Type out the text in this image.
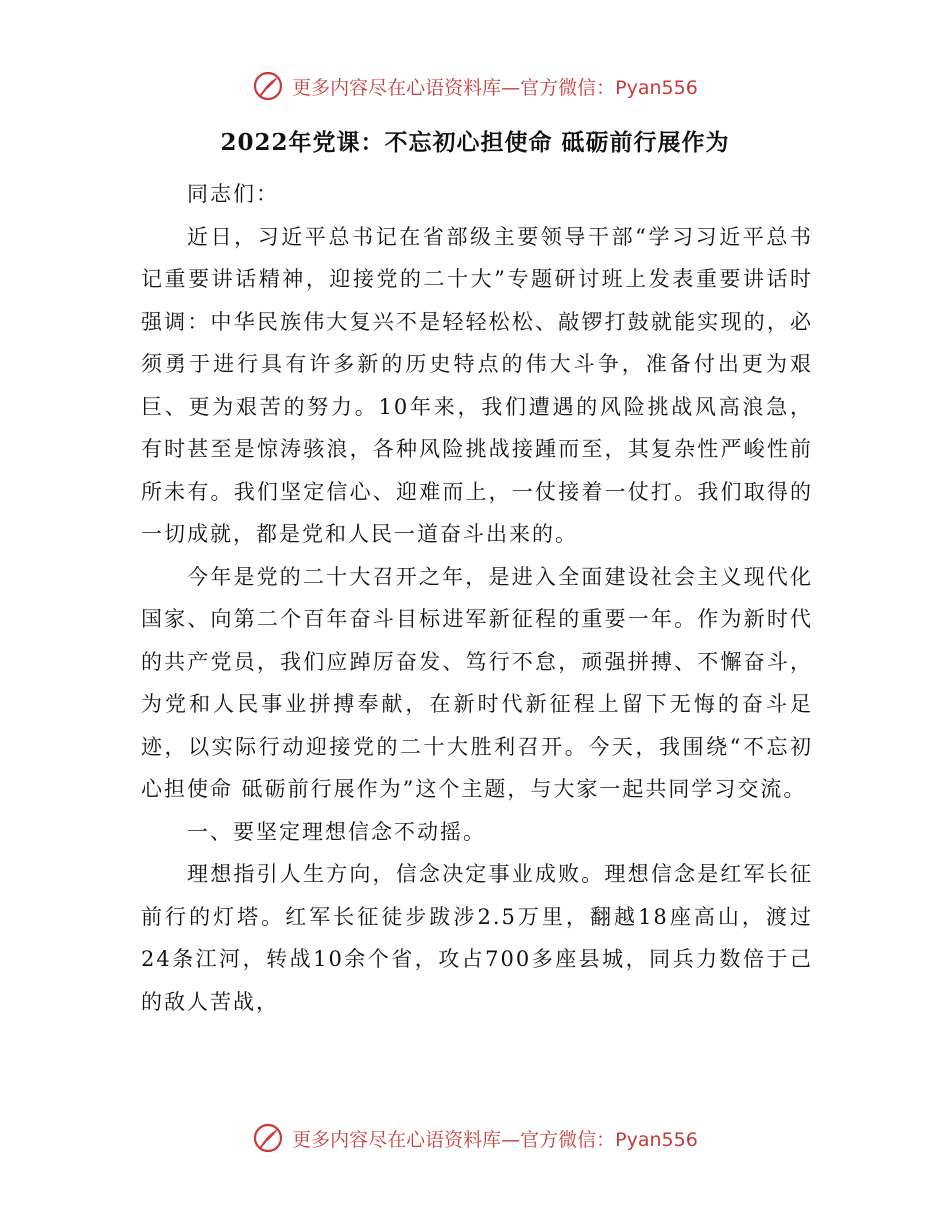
更多内容尽在心语资料库—官方微信：Pyan556
2022年党课：不忘初心担使命 砥砺前行展作为

同志们：

近日，习近平总书记在省部级主要领导干部“学习习近平总书记重要讲话精神，迎接党的二十大”专题研讨班上发表重要讲话时强调：中华民族伟大复兴不是轻轻松松、敲锣打鼓就能实现的，必须勇于进行具有许多新的历史特点的伟大斗争，准备付出更为艰巨、更为艰苦的努力。10年来，我们遭遇的风险挑战风高浪急，有时甚至是惊涛骇浪，各种风险挑战接踵而至，其复杂性严峻性前所未有。我们坚定信心、迎难而上，一仗接着一仗打。我们取得的一切成就，都是党和人民一道奋斗出来的。

今年是党的二十大召开之年，是进入全面建设社会主义现代化国家、向第二个百年奋斗目标进军新征程的重要一年。作为新时代的共产党员，我们应踔厉奋发、笃行不怠，顽强拼搏、不懈奋斗，为党和人民事业拼搏奉献，在新时代新征程上留下无悔的奋斗足迹，以实际行动迎接党的二十大胜利召开。今天，我围绕“不忘初心担使命 砥砺前行展作为”这个主题，与大家一起共同学习交流。

一、要坚定理想信念不动摇。

理想指引人生方向，信念决定事业成败。理想信念是红军长征前行的灯塔。红军长征徒步跋涉2.5万里，翻越18座高山，渡过24条江河，转战10余个省，攻占700多座县城，同兵力数倍于己的敌人苦战，

更多内容尽在心语资料库—官方微信：Pyan556
